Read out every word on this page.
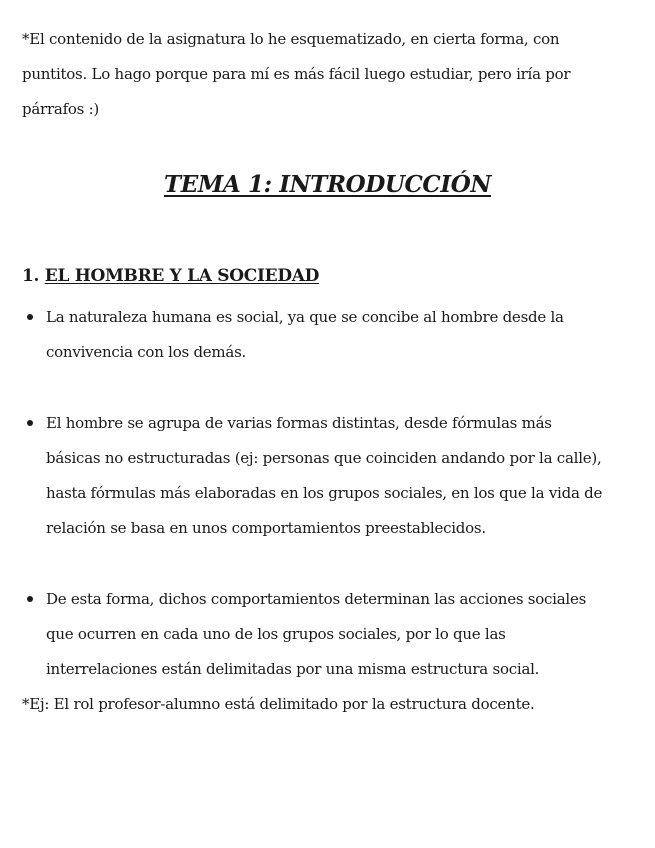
*El contenido de la asignatura lo he esquematizado, en cierta forma, con
puntitos. Lo hago porque para mí es más fácil luego estudiar, pero iría por
párrafos :)
TEMA 1: INTRODUCCIÓN
1. EL HOMBRE Y LA SOCIEDAD
La naturaleza humana es social, ya que se concibe al hombre desde la
convivencia con los demás.
El hombre se agrupa de varias formas distintas, desde fórmulas más
básicas no estructuradas (ej: personas que coinciden andando por la calle),
hasta fórmulas más elaboradas en los grupos sociales, en los que la vida de
relación se basa en unos comportamientos preestablecidos.
De esta forma, dichos comportamientos determinan las acciones sociales
que ocurren en cada uno de los grupos sociales, por lo que las
interrelaciones están delimitadas por una misma estructura social.
*Ej: El rol profesor-alumno está delimitado por la estructura docente.
